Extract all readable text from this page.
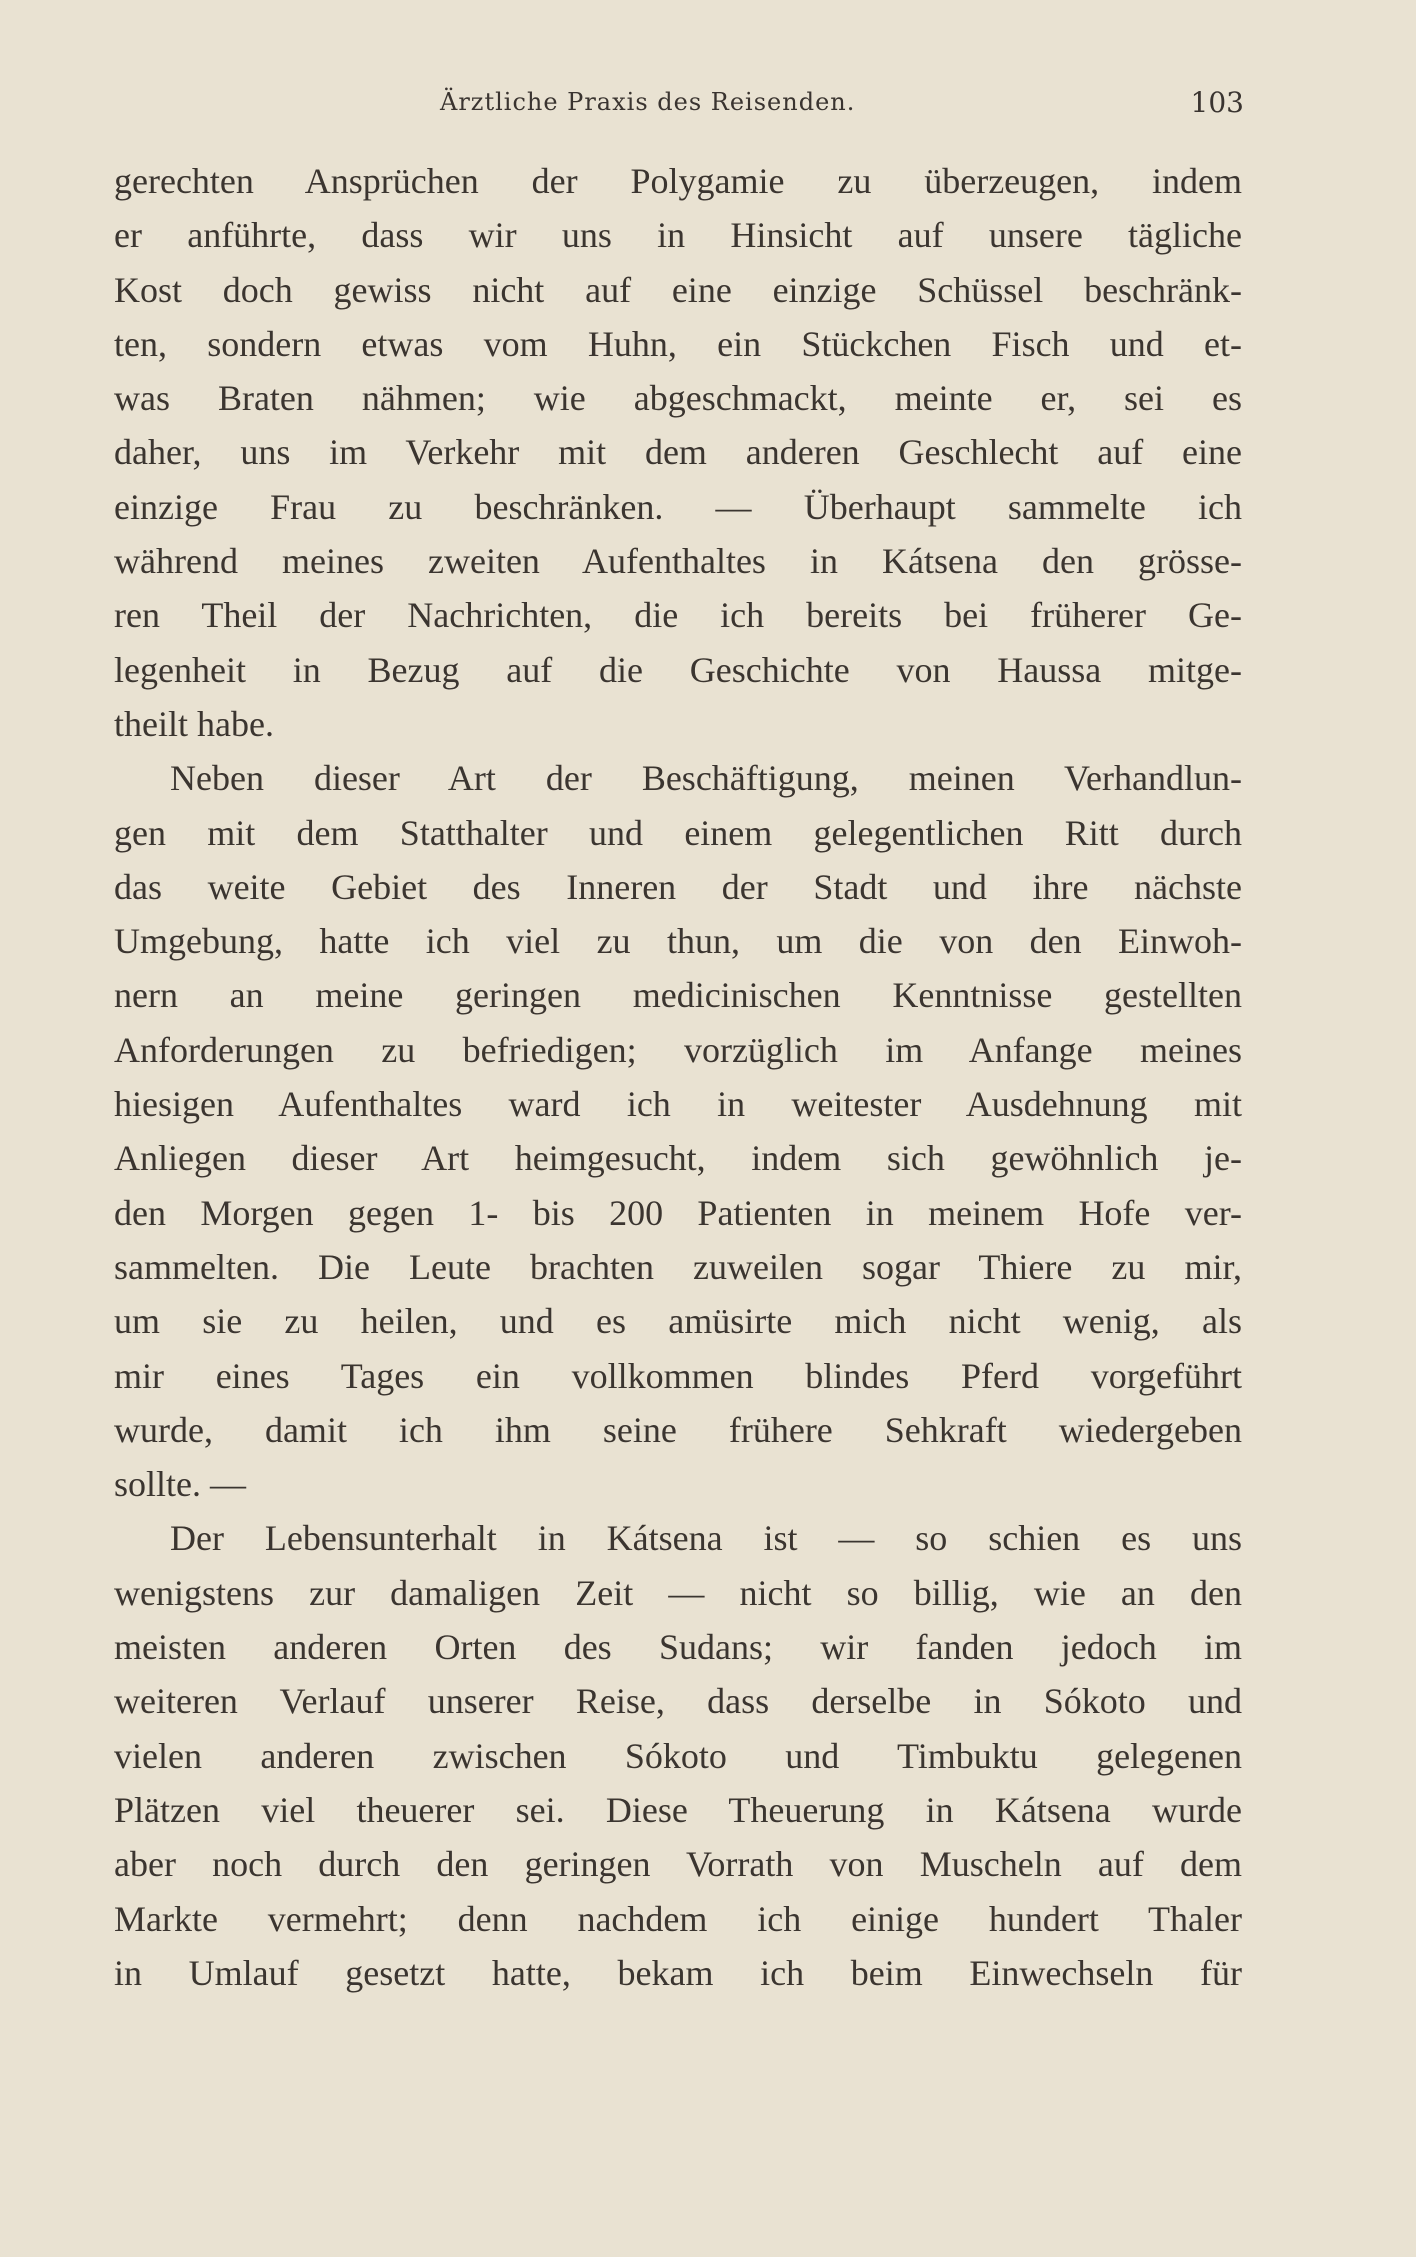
Ärztliche Praxis des Reisenden.	103
gerechten Ansprüchen der Polygamie zu überzeugen, indem
er anführte, dass wir uns in Hinsicht auf unsere tägliche
Kost doch gewiss nicht auf eine einzige Schüssel beschränk-
ten, sondern etwas vom Huhn, ein Stückchen Fisch und et-
was Braten nähmen; wie abgeschmackt, meinte er, sei es
daher, uns im Verkehr mit dem anderen Geschlecht auf eine
einzige Frau zu beschränken. — Überhaupt sammelte ich
während meines zweiten Aufenthaltes in Kátsena den grösse-
ren Theil der Nachrichten, die ich bereits bei früherer Ge-
legenheit in Bezug auf die Geschichte von Haussa mitge-
theilt habe.
Neben dieser Art der Beschäftigung, meinen Verhandlun-
gen mit dem Statthalter und einem gelegentlichen Ritt durch
das weite Gebiet des Inneren der Stadt und ihre nächste
Umgebung, hatte ich viel zu thun, um die von den Einwoh-
nern an meine geringen medicinischen Kenntnisse gestellten
Anforderungen zu befriedigen; vorzüglich im Anfange meines
hiesigen Aufenthaltes ward ich in weitester Ausdehnung mit
Anliegen dieser Art heimgesucht, indem sich gewöhnlich je-
den Morgen gegen 1- bis 200 Patienten in meinem Hofe ver-
sammelten. Die Leute brachten zuweilen sogar Thiere zu mir,
um sie zu heilen, und es amüsirte mich nicht wenig, als
mir eines Tages ein vollkommen blindes Pferd vorgeführt
wurde, damit ich ihm seine frühere Sehkraft wiedergeben
sollte. —
Der Lebensunterhalt in Kátsena ist — so schien es uns
wenigstens zur damaligen Zeit — nicht so billig, wie an den
meisten anderen Orten des Sudans; wir fanden jedoch im
weiteren Verlauf unserer Reise, dass derselbe in Sókoto und
vielen anderen zwischen Sókoto und Timbuktu gelegenen
Plätzen viel theuerer sei. Diese Theuerung in Kátsena wurde
aber noch durch den geringen Vorrath von Muscheln auf dem
Markte vermehrt; denn nachdem ich einige hundert Thaler
in Umlauf gesetzt hatte, bekam ich beim Einwechseln für
